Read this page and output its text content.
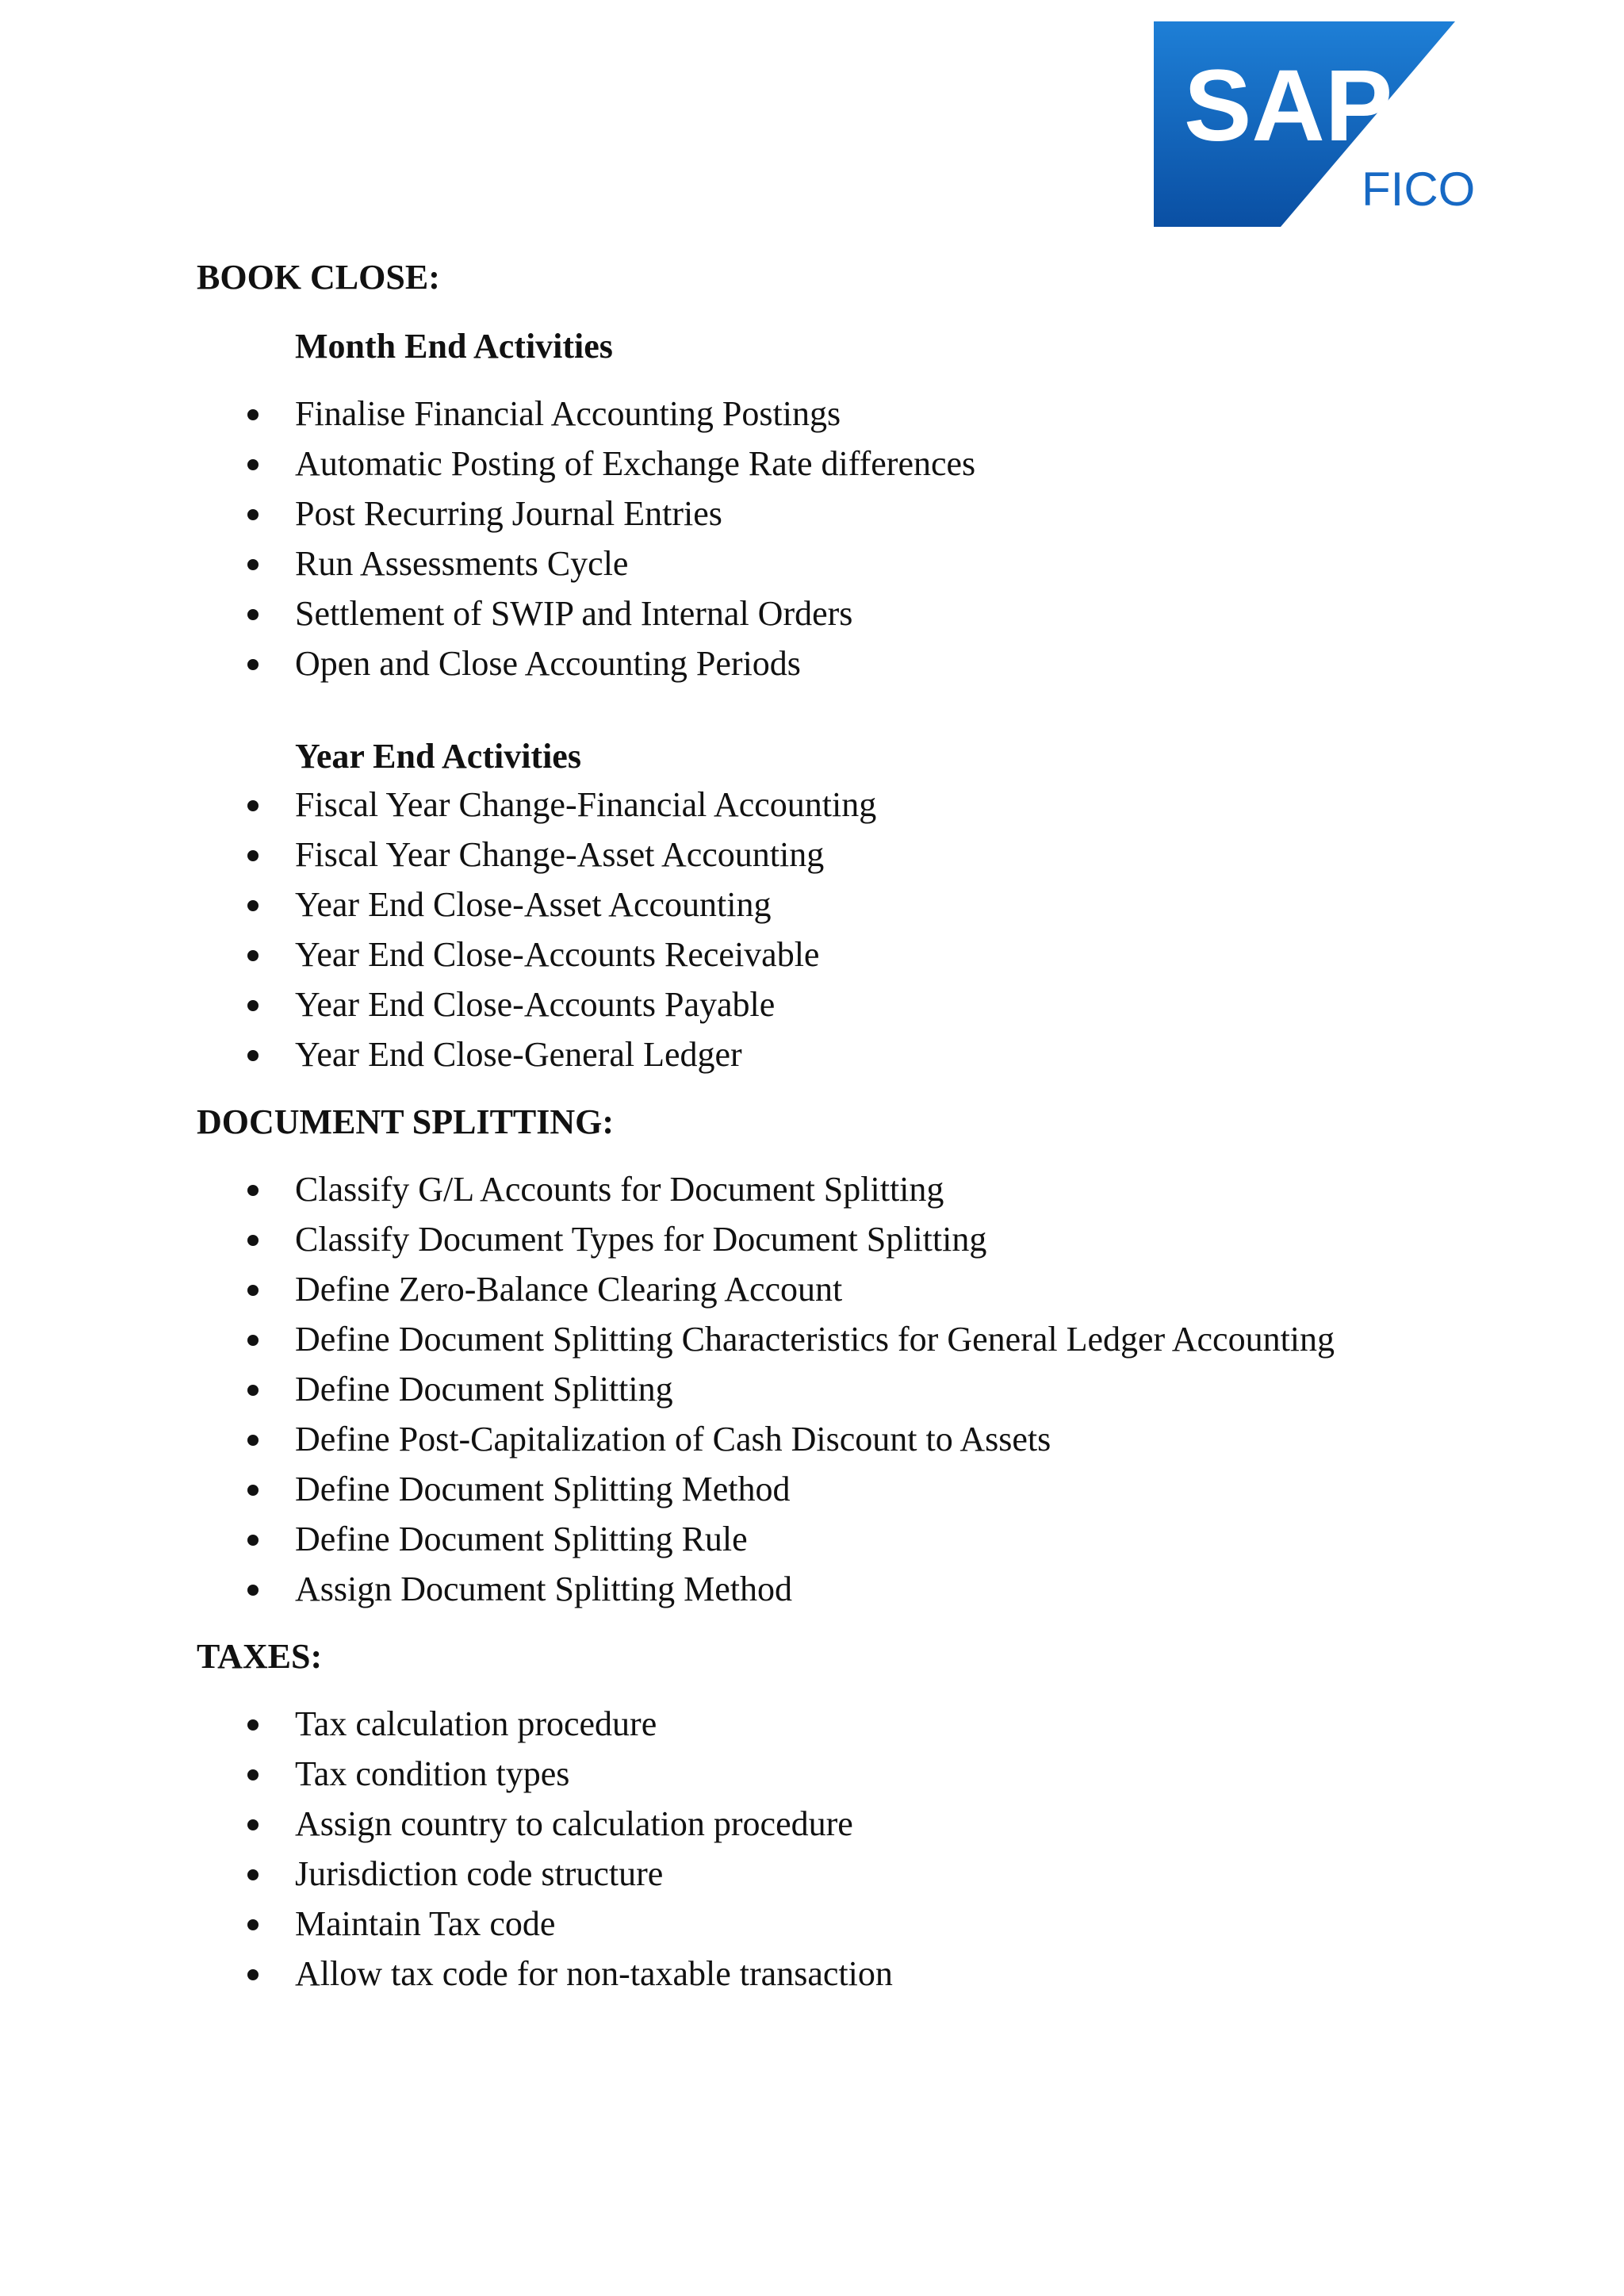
SAP
FICO

BOOK CLOSE:

Month End Activities

Finalise Financial Accounting Postings
Automatic Posting of Exchange Rate differences
Post Recurring Journal Entries
Run Assessments Cycle
Settlement of SWIP and Internal Orders
Open and Close Accounting Periods

Year End Activities

Fiscal Year Change-Financial Accounting
Fiscal Year Change-Asset Accounting
Year End Close-Asset Accounting
Year End Close-Accounts Receivable
Year End Close-Accounts Payable
Year End Close-General Ledger

DOCUMENT SPLITTING:

Classify G/L Accounts for Document Splitting
Classify Document Types for Document Splitting
Define Zero-Balance Clearing Account
Define Document Splitting Characteristics for General Ledger Accounting
Define Document Splitting
Define Post-Capitalization of Cash Discount to Assets
Define Document Splitting Method
Define Document Splitting Rule
Assign Document Splitting Method

TAXES:

Tax calculation procedure
Tax condition types
Assign country to calculation procedure
Jurisdiction code structure
Maintain Tax code
Allow tax code for non-taxable transaction
